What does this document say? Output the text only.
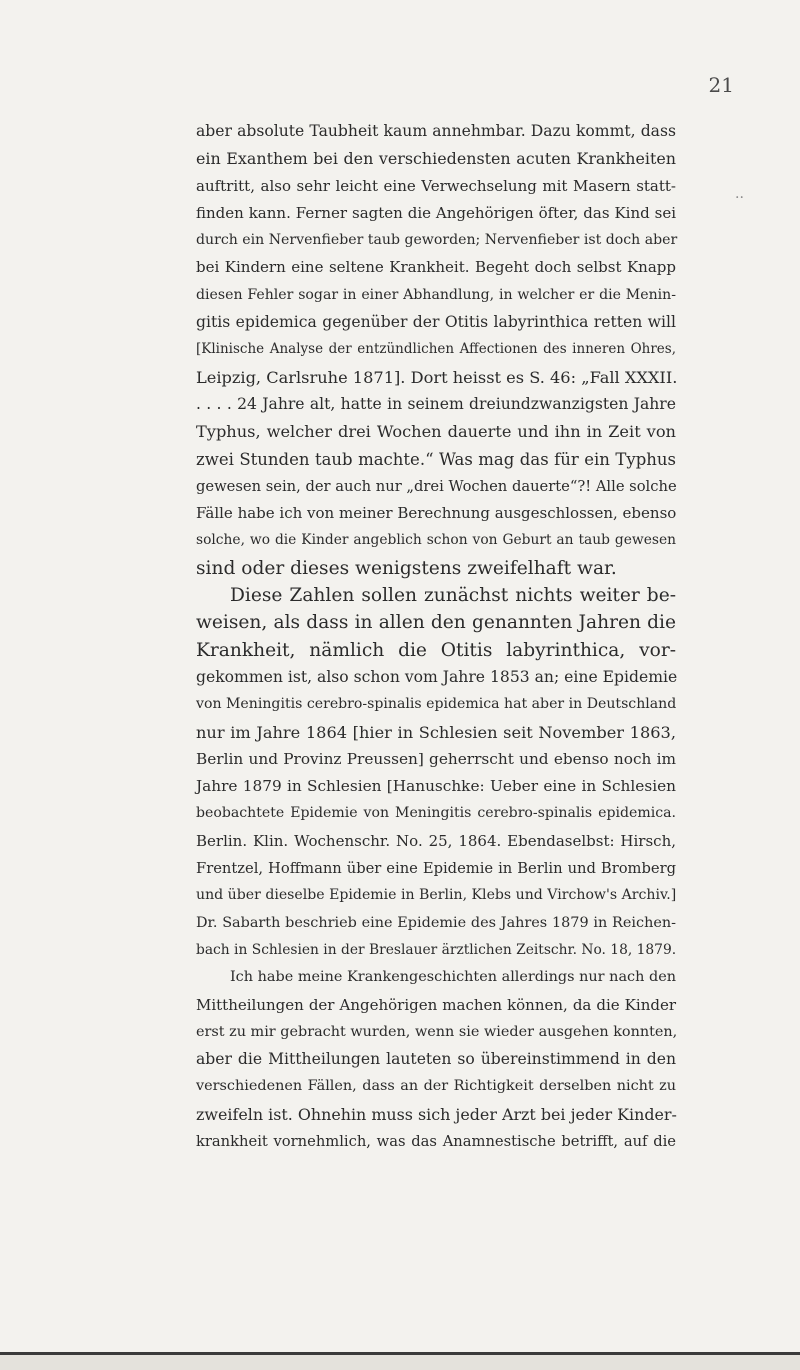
21
..
aber absolute Taubheit kaum annehmbar. Dazu kommt, dass
ein Exanthem bei den verschiedensten acuten Krankheiten
auftritt, also sehr leicht eine Verwechselung mit Masern statt-
finden kann. Ferner sagten die Angehörigen öfter, das Kind sei
durch ein Nervenfieber taub geworden; Nervenfieber ist doch aber
bei Kindern eine seltene Krankheit. Begeht doch selbst Knapp
diesen Fehler sogar in einer Abhandlung, in welcher er die Menin-
gitis epidemica gegenüber der Otitis labyrinthica retten will
[Klinische Analyse der entzündlichen Affectionen des inneren Ohres,
Leipzig, Carlsruhe 1871]. Dort heisst es S. 46: „Fall XXXII.
. . . . 24 Jahre alt, hatte in seinem dreiundzwanzigsten Jahre
Typhus, welcher drei Wochen dauerte und ihn in Zeit von
zwei Stunden taub machte.“ Was mag das für ein Typhus
gewesen sein, der auch nur „drei Wochen dauerte“?! Alle solche
Fälle habe ich von meiner Berechnung ausgeschlossen, ebenso
solche, wo die Kinder angeblich schon von Geburt an taub gewesen
sind oder dieses wenigstens zweifelhaft war.
Diese Zahlen sollen zunächst nichts weiter be-
weisen, als dass in allen den genannten Jahren die
Krankheit, nämlich die Otitis labyrinthica, vor-
gekommen ist, also schon vom Jahre 1853 an; eine Epidemie
von Meningitis cerebro-spinalis epidemica hat aber in Deutschland
nur im Jahre 1864 [hier in Schlesien seit November 1863,
Berlin und Provinz Preussen] geherrscht und ebenso noch im
Jahre 1879 in Schlesien [Hanuschke: Ueber eine in Schlesien
beobachtete Epidemie von Meningitis cerebro-spinalis epidemica.
Berlin. Klin. Wochenschr. No. 25, 1864. Ebendaselbst: Hirsch,
Frentzel, Hoffmann über eine Epidemie in Berlin und Bromberg
und über dieselbe Epidemie in Berlin, Klebs und Virchow's Archiv.]
Dr. Sabarth beschrieb eine Epidemie des Jahres 1879 in Reichen-
bach in Schlesien in der Breslauer ärztlichen Zeitschr. No. 18, 1879.
Ich habe meine Krankengeschichten allerdings nur nach den
Mittheilungen der Angehörigen machen können, da die Kinder
erst zu mir gebracht wurden, wenn sie wieder ausgehen konnten,
aber die Mittheilungen lauteten so übereinstimmend in den
verschiedenen Fällen, dass an der Richtigkeit derselben nicht zu
zweifeln ist. Ohnehin muss sich jeder Arzt bei jeder Kinder-
krankheit vornehmlich, was das Anamnestische betrifft, auf die
